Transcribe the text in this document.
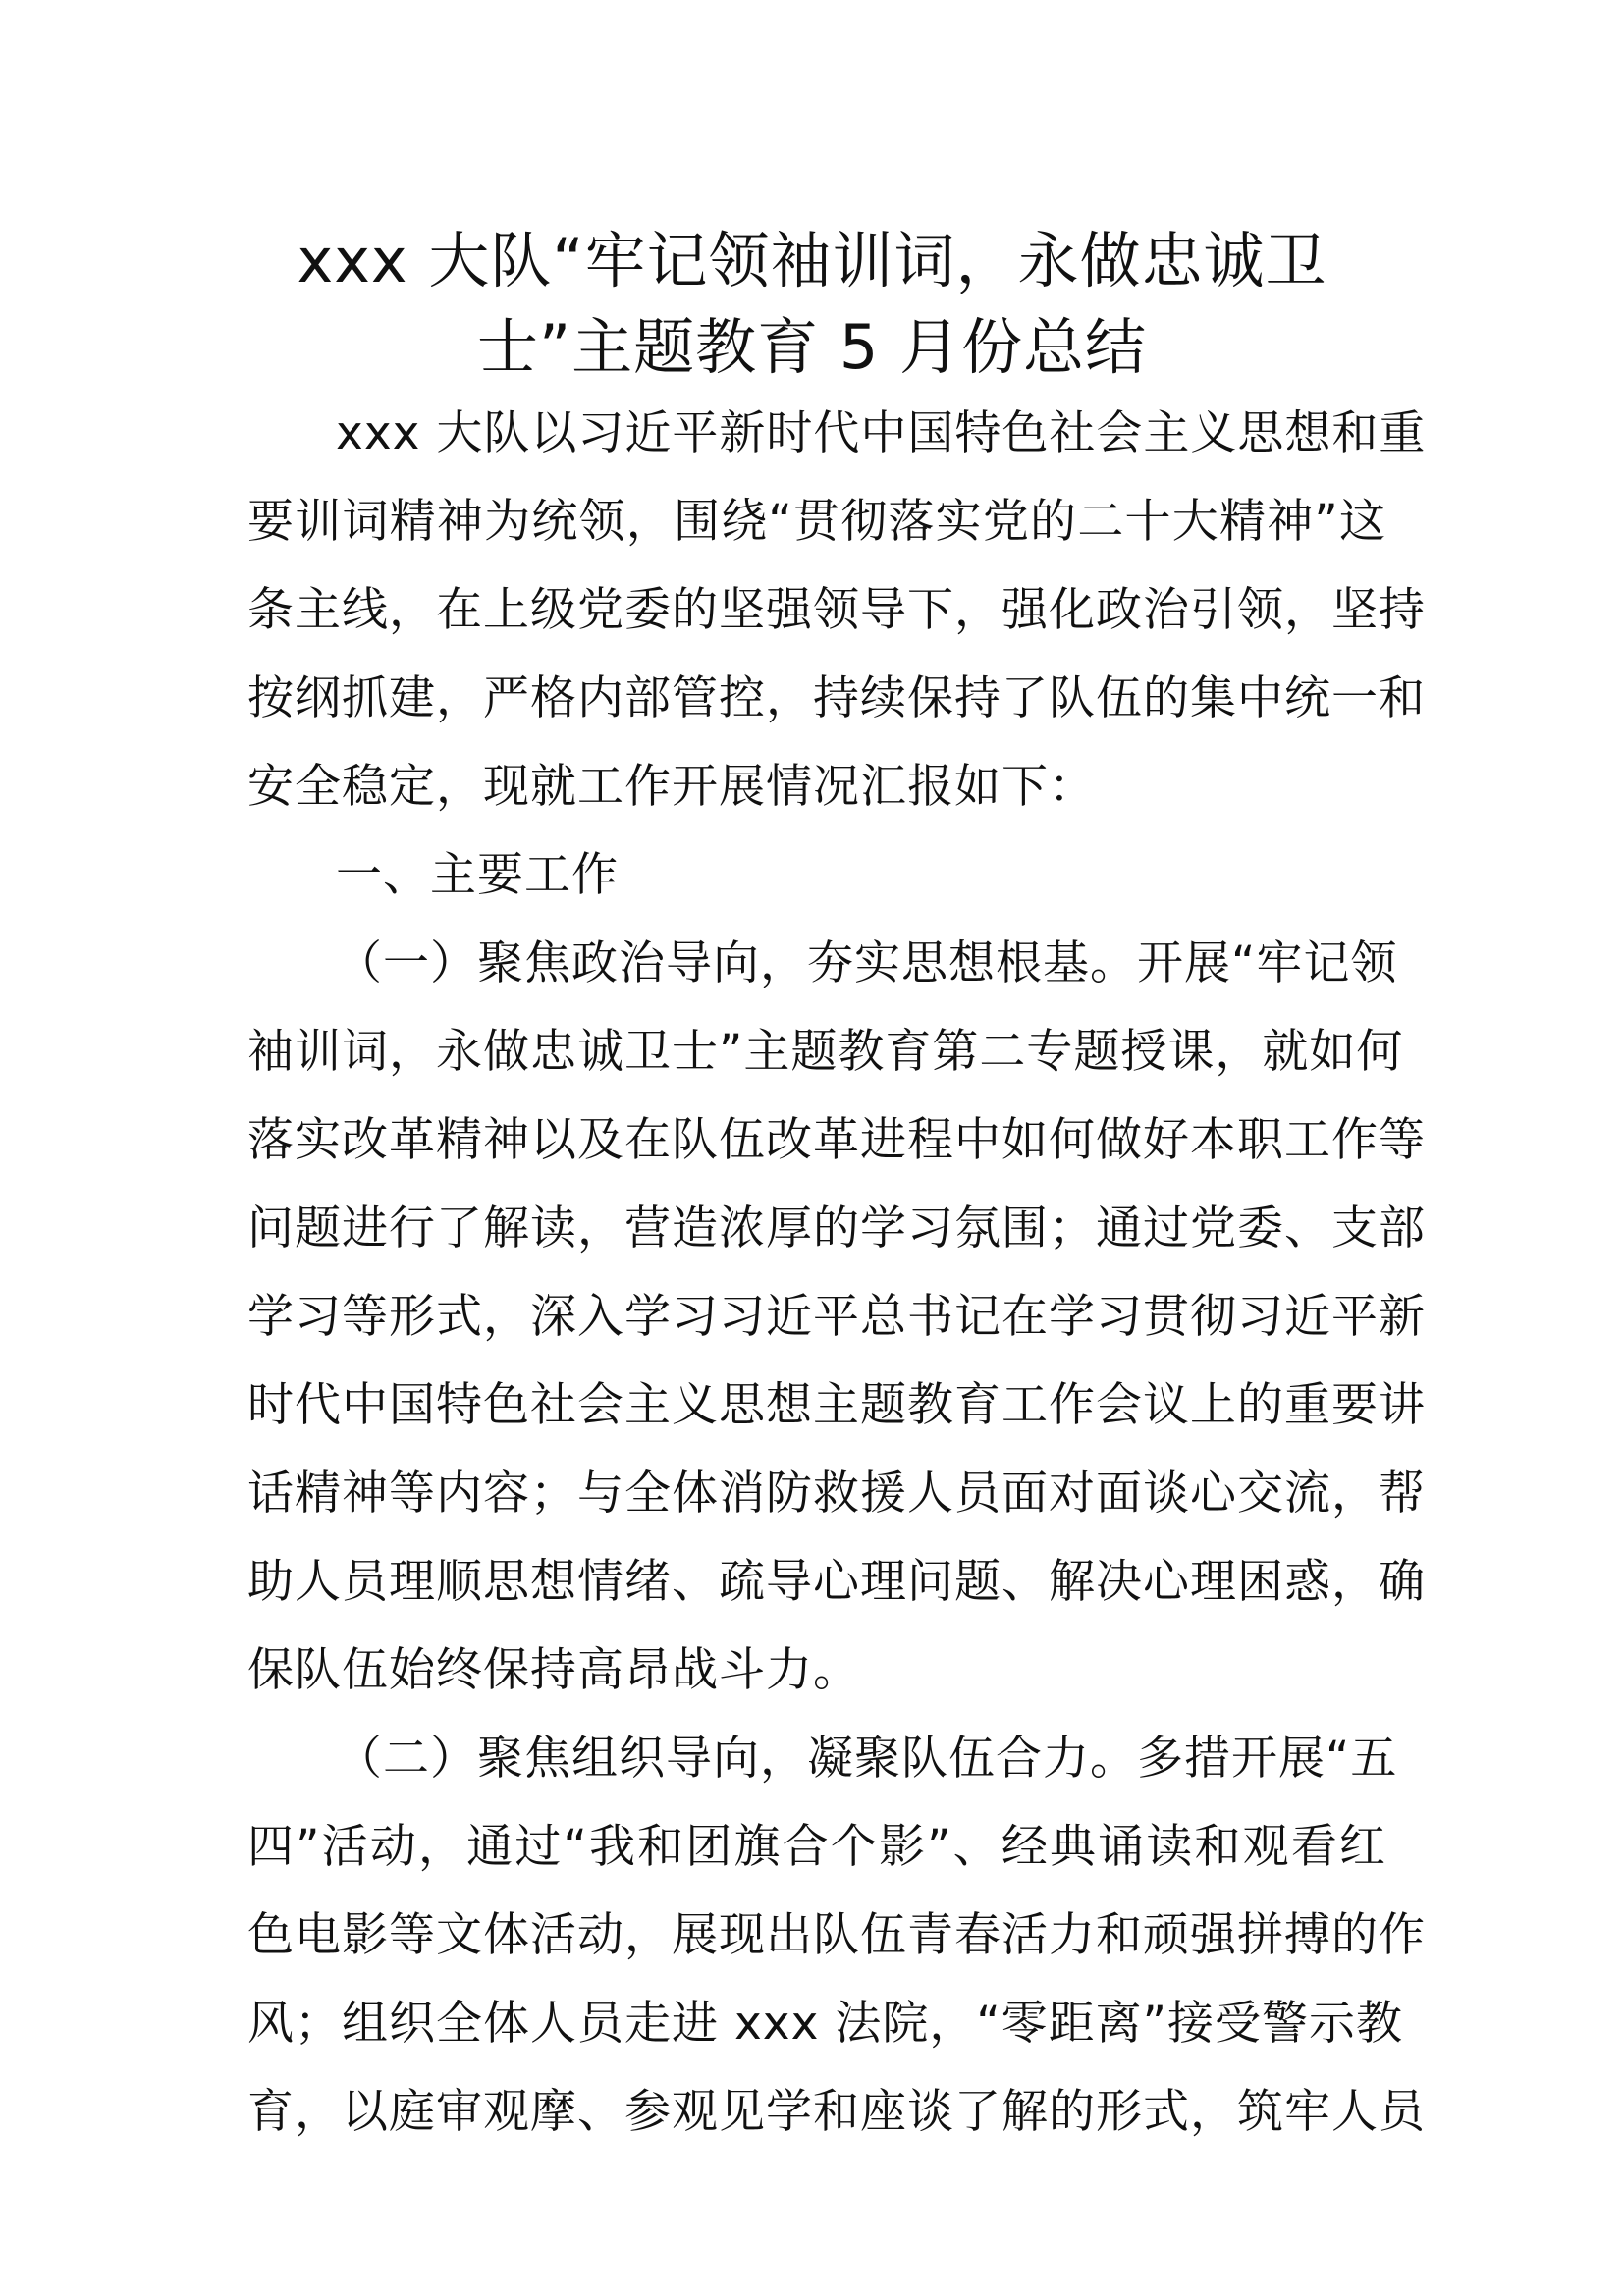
xxx 大队“牢记领袖训词，永做忠诚卫
士”主题教育 5 月份总结
xxx 大队以习近平新时代中国特色社会主义思想和重
要训词精神为统领，围绕“贯彻落实党的二十大精神”这
条主线，在上级党委的坚强领导下，强化政治引领，坚持
按纲抓建，严格内部管控，持续保持了队伍的集中统一和
安全稳定，现就工作开展情况汇报如下：
一、主要工作
（一）聚焦政治导向，夯实思想根基。开展“牢记领
袖训词，永做忠诚卫士”主题教育第二专题授课，就如何
落实改革精神以及在队伍改革进程中如何做好本职工作等
问题进行了解读，营造浓厚的学习氛围；通过党委、支部
学习等形式，深入学习习近平总书记在学习贯彻习近平新
时代中国特色社会主义思想主题教育工作会议上的重要讲
话精神等内容；与全体消防救援人员面对面谈心交流，帮
助人员理顺思想情绪、疏导心理问题、解决心理困惑，确
保队伍始终保持高昂战斗力。
（二）聚焦组织导向，凝聚队伍合力。多措开展“五
四”活动，通过“我和团旗合个影”、经典诵读和观看红
色电影等文体活动，展现出队伍青春活力和顽强拼搏的作
风；组织全体人员走进 xxx 法院，“零距离”接受警示教
育，以庭审观摩、参观见学和座谈了解的形式，筑牢人员
